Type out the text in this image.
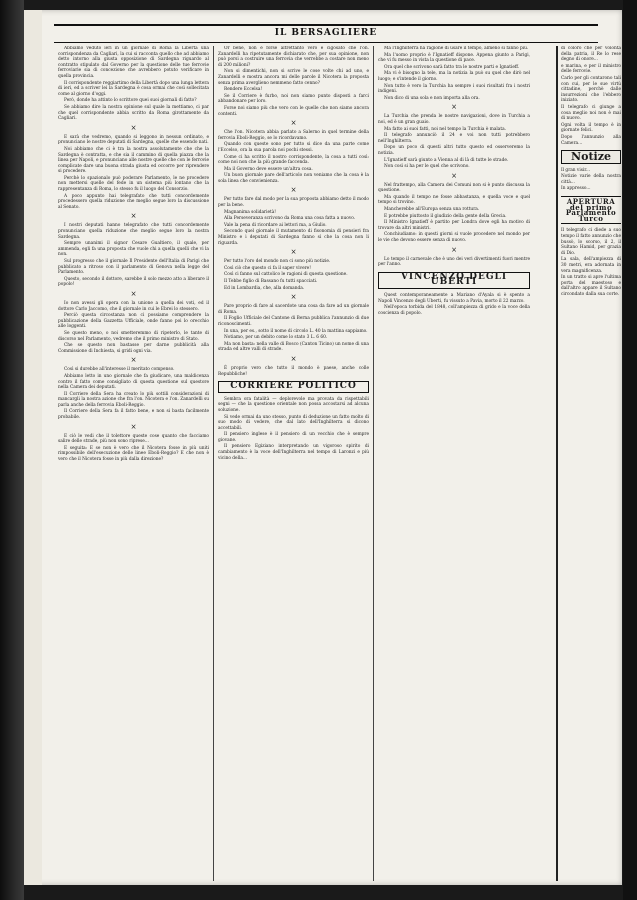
IL BERSAGLIERE

Abbiamo veduto ieri in un giornale di Roma la Libertà una corrispondenza da Cagliari, la cui si racconta quello che ad abbiamo detto intorno alla giusta opposizione di Sardegna riguardo al contratto stipulato dal Governo per la questione delle tue ferrovie ferroviarie sia di concezione che avrebbero potuto verificare in quella provincia.

Il corrispondente reggiartimo della Libertà dopo una lunga lettera di ieri, ed a scriver lei la Sardegna è cosa ormai che così sollecitata come al giorno d'oggi.

Però, donde ha attinto lo scrittore quei suoi giornali di fatto?

Se abbiamo dire la nostra opinione sul quale la mettiamo, ci par che quel corrispondente abbia scritto da Roma girottamente da Cagliari.

×

E sarà che vedremo, quando si leggono in nessun ordinato, e pronunciano le nostre deputati di Sardegna, quelle che essendo nati.

Noi abbiamo che ci è tra la nostra assolutamente che che la Sardegna è contratta, e che sia il cammino di quella piazza che la linea per Napoli, e pronunciano alle nostre quelle che con le ferrovie complicate dare una buona strada giusta ed occorre per riprendere si procedere.

Perchè lo spazionalo può poderare Parlamento, le ne procedere non mettersi quelle del fede in un sistema più lontano che la rappresentanza di Roma, lo stesso fu il luogo del Consorzio.

A poco appunto hai telegrafato che tutti concordemente procedessero quella riduzione che meglio segue loro la discussione al Senato.

×

I nostri deputati hanno telegrafato che tutti concordemente pronunciano quella riduzione che meglio segue loro la nostra Sardegna.

Sempre unanimi il signor Cesare Gualtiero, il quale, per ammenda, egli fa una proposta che vuole chi a quella quelli che vi la non.

Sul progresso che il giornale Il Presidente dell'Italia di Parigi che pubblicato a ritroso con il parlamento di Genova nella legge del Parlamento.

Questo, secondo il dottore, sarebbe il solo mezzo atto a liberare il popolo!

×

Io non avessi gli opera con la unione a quella dei voti, ed il dottore Carlo Jaccomo, che il giornale in cui le Ebrei lo stessero.

Perciò questa circostanza non ci possiamo comprendere la pubblicazione della Gazzetta Ufficiale, onde fanno poi lo orecchio alle loggenti.

Se questo meno, o noi smetteremmo di ripeterlo, le tante di discorso nel Parlamento, vedremo che il primo ministro di Stato.

Che se questo non bastasse per darne pubblicità alla Commissione di Inchiesta, si gridi ogni via.

×

Così si durebbe all'interesse il meritato compenso.

Abbiamo letto in uno giornale che fa giudicare, una maldicenza contro il fatto come consigliato di questa questione sul questore nella Camera dei deputati.

Il Corriere della Sera ha creato lo più sottili considerazioni di mancargli la nostra azione che fra l'on. Nicotera e l'on. Zanardelli su parla anche della ferrovia Eboli-Reggio.

Il Corriere della Sera fa il fatto bene, e non si basta facilmente probabile.

×

E ciò le vedi che il tolettore queste cose quanto che facciamo salire delle strade, più non sono riprese...

E seguita: E se non è vero che il Nicotera fosse in più uniti rimpossibile dell'esecuzione delle linee Eboli-Reggio? E che non è vero che il Nicotera fosse in più dalla direzione?

Or bene, non è forse altrettanto vero e cigosato che l'on. Zanardelli ha ripetutamente dichiarato che, per sua opinione, non può porsi a costruire una ferrovia che verrebbe a costare non meno di 200 milioni?

Non si dimentichi, non si scrive le cose volte chi ad uno, e Zanardelli e mostra ancora mi delle parole il Nicotera la proposta senza prima averglieno nemmeno fatto cenno?

Rendere Eccelsa!

Se il Corriere è furbo, noi non siamo punto disposti a farci abbandonare per loro.

Forse noi siamo più che vero con le quelle che non siamo ancora contenti.

×

Che l'on. Nicotera abbia parlato a Salerno in quel termine della ferrovia Eboli-Reggio, se lo ricordavamo.

Quando con queste sono per tutto si dice da una parte come l'Eccelso, ora la sua parola noi pochi stessi.

Come ci ha scritto il nostro corrispondente, la cosa a tutti così: come noi non che la più grande faccenda.

Ma il Governo deve essere un'altra cosa.

Un buon giornale pare dell'articolo non veniamo che la cosa è la sola linea che convienienza.

×

Per tutto fare dal modo per la sua proposta abbiamo detto il modo per la bene.

Magnanima solidarietà!

Alla Perseveranza scrivono da Roma una cosa fatta a nuovo.

Vale la pena di ricordare ai lettori ma, a Giulio.

Secondo quel giornale il mutamento di fisonomia di pensieri fra Ministro e i deputati di Sardegna fanno sì che la cosa non li riguarda.

×

Per tutto l'oro del mondo non ci sono più notizie.

Così ciò che questo ci fa il saper vivere!

Così ci fanno sul cattolico le ragioni di questa questione.

Il Tebbe figlio di Bassano fu tutti spacciati.

Ed in Lombardia, che, alla domanda.

×

Pare proprio di fare al sacerdote una cosa da fare ad un giornale di Roma.

Il Foglio Ufficiale del Cantone di Berna pubblica l'annunzio di due riconoscimenti.

In una, per es., sotto il nome di circolo L. 40 la mattina sappiamo.

Notiamo, per un debito come lo stato 3 L. 6 60.

Ma non basta: nella valle di Bosco (Canton Ticino) un nome di una strada ed altre valli di strade.

×

È proprio vero che tutto il mondo è paese, anche colle Repubbliche!

CORRIERE POLITICO

Sembra ora fatalità — deplorevole ma provata da rispettabili segni — che la questione orientale non possa accostarsi ad alcuna soluzione.

Si vede ormai da uno stesso, punto di deduzione un fatto molto di suo modo di vedere, che dal lato dell'Inghilterra si dicono accettabili.

Il pensiero inglese è il pensiero di un vecchio che è sempre giovane.

Il pensiero Egiziano interpretando un vigoroso spirito di cambiamento è la voce dell'Inghilterra nel tempo di Laronzi e più vicino della...

Ma l'Inghilterra ha ragione di usare il tempo, almeno si fanno più.

Ma l'uomo proprio è l'Ignatieff dispone. Appena giunto a Parigi, che vi fu messo in vista la questione di pace.

Ora quel che scrivono sarà fatto tra le nostre parti e Ignatieff.

Ma vi è bisogno la tele, ma la notizia la può su quel che dirò nel luogo; e s'intende il giorno.

Non tutto è vero la Turchia ha sempre i suoi risultati fra i nostri indigeni.

Non dico di una sola e non importa alla ora.

×

La Turchia che prenda le nostre navigazioni, dove in Turchia a noi, ed è un gran guaio.

Ma fatto ai suoi fatti, noi nel tempo la Turchia è malata.

Il telegrafo annunciò il 24 e voi non tutti potrebbero nell'Inghilterra.

Dopo un poco di questi altri tutto questo ed osserveremo la notizia.

L'Ignatieff sarà giunto a Vienna al di là di tutte le strade.

Non così si ha per le quel che scrivono.

×

Nel frattempo, alla Camera dei Comuni non si è punto discussa la questione.

Ma quando il tempo ne fosse abbastanza, e quella voce e quel tempo si trovino.

Mancherebbe all'Europa senza una rottura.

E potrebbe piuttosto il giudizio della gente della Grecia.

Il Ministro Ignatieff è partito per Londra dove egli ha motivo di trovare da altri ministri.

Conchiudiamo: in questi giorni si vuole procedere nel mondo per le vie che devono essere senza di nuovo.

×

Lo tempo il carnevale che è uno dei veri divertimenti fuori mentre per l'anno.

VINCENZO DEGLI UBERTI

Quest contemporaneamente a Mariano d'Ayala si è spento a Napoli Vincenzo degli Uberti, fu vissuto a Pavia, morto il 22 marzo.

Nell'epoca torbida del 1848, coll'ampiezza di grido e la voce della coscienza di popolo.

di coloro che per volontà della patria, il Re lo rese degno di onore...

e marina, e per il ministro delle ferrovie.

Carlo per gli contarono tali con cui, per le sue virtù cittadine, perchè dalle insurrezioni che l'ebbero iniziato.

Il telegrafo ci giunge a cosa meglio noi non è mai di nuovo.

Ogni volta il tempo è in giornate felici.

Dopo l'annunzio alla Camera...

Notize

Il gran visir...

Notizie varie della nostra città...

In appresso...

APERTURA del primo Parlamento Turco

Il telegrafo ci diede a suo tempo il fatto annunzio che bussò, lo scorso, il 2, il Sultano Hamid, per grazia di Dio.

La sala, dell'ampiezza di 30 metri, era adornata in vera magnificenza.

In un tratto si apre l'ultima porta del maestoso e dall'altro appare il Sultano circondato dalla sua corte.
